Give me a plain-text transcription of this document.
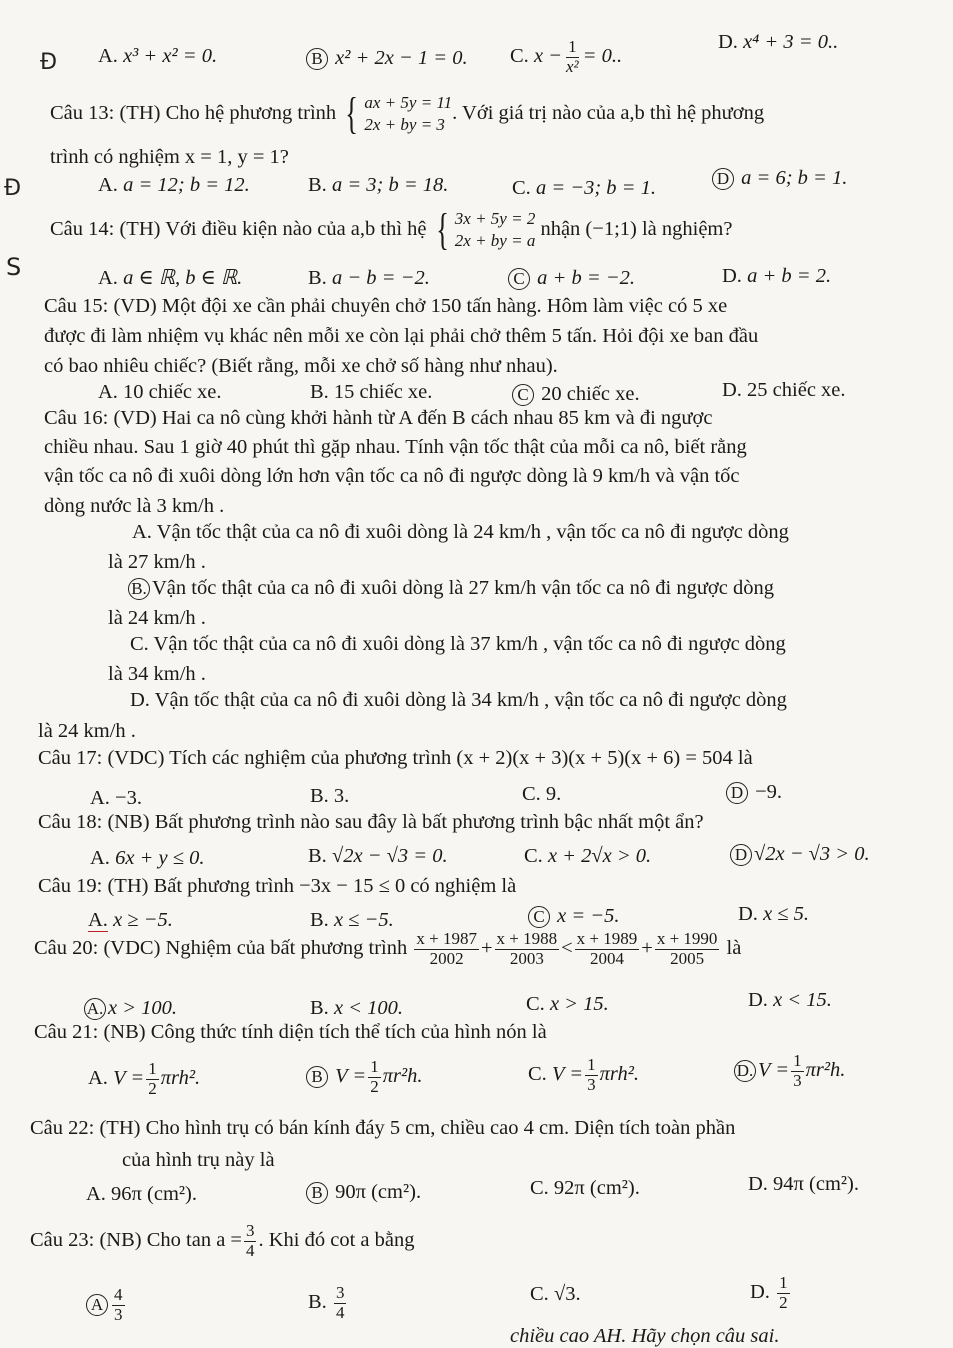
Ð
Ð
S
A. x³ + x² = 0.	B x² + 2x − 1 = 0. C. $x - \frac{1}{\text{x²}} = 0$..
D. x⁴ + 3 = 0..
Câu 13: (TH) Cho hệ phương trình { ax + 5y = 11
2x + by = 3
. Với giá trị nào của a,b thì hệ phương
trình có nghiệm x = 1, y = 1?
A. a = 12; b = 12.	B. a = 3; b = 18.	C. a = −3; b = 1.	D a = 6; b = 1.
Câu 14: (TH) Với điều kiện nào của a,b thì hệ { 3x + 5y = 2
2x + by = a
nhận (−1;1) là nghiệm?
A. a ∈ ℝ, b ∈ ℝ.	B. a − b = −2.	C a + b = −2.	D. a + b = 2.
Câu 15: (VD) Một đội xe cần phải chuyên chở 150 tấn hàng. Hôm làm việc có 5 xe
được đi làm nhiệm vụ khác nên mỗi xe còn lại phải chở thêm 5 tấn. Hỏi đội xe ban đầu
có bao nhiêu chiếc? (Biết rằng, mỗi xe chở số hàng như nhau).
A. 10 chiếc xe.	B. 15 chiếc xe.	C 20 chiếc xe.	D. 25 chiếc xe.
Câu 16: (VD) Hai ca nô cùng khởi hành từ A đến B cách nhau 85 km và đi ngược
chiều nhau. Sau 1 giờ 40 phút thì gặp nhau. Tính vận tốc thật của mỗi ca nô, biết rằng
vận tốc ca nô đi xuôi dòng lớn hơn vận tốc ca nô đi ngược dòng là 9 km/h và vận tốc
dòng nước là 3 km/h .
A. Vận tốc thật của ca nô đi xuôi dòng là 24 km/h , vận tốc ca nô đi ngược dòng
là 27 km/h .
B. Vận tốc thật của ca nô đi xuôi dòng là 27 km/h vận tốc ca nô đi ngược dòng
là 24 km/h .
C. Vận tốc thật của ca nô đi xuôi dòng là 37 km/h , vận tốc ca nô đi ngược dòng
là 34 km/h .
D. Vận tốc thật của ca nô đi xuôi dòng là 34 km/h , vận tốc ca nô đi ngược dòng
là 24 km/h .
Câu 17: (VDC) Tích các nghiệm của phương trình (x + 2)(x + 3)(x + 5)(x + 6) = 504 là
A. −3.	B. 3.	C. 9.	D −9.
Câu 18: (NB) Bất phương trình nào sau đây là bất phương trình bậc nhất một ẩn?
A. 6x + y ≤ 0.	B. √2x − √3 = 0.	C. x + 2√x > 0.	D √2x − √3 > 0.
Câu 19: (TH) Bất phương trình −3x − 15 ≤ 0 có nghiệm là
A. x ≥ −5.	B. x ≤ −5.	C x = −5.	D. x ≤ 5.
Câu 20: (VDC) Nghiệm của bất phương trình $\frac{x + 1987}{2002} + \frac{x + 1988}{2003} < \frac{x + 1989}{2004} + \frac{x + 1990}{2005}$ là
A. x > 100.	B. x < 100.	C. x > 15.	D. x < 15.
Câu 21: (NB) Công thức tính diện tích thể tích của hình nón là
A. $V = \frac{1}{2} \pi rh^2$.	B $V = \frac{1}{2} \pi r^2h$.	C. $V = \frac{1}{3} \pi rh^2$.	D. $V = \frac{1}{3} \pi r^2h$.
Câu 22: (TH) Cho hình trụ có bán kính đáy 5 cm, chiều cao 4 cm. Diện tích toàn phần
của hình trụ này là
A. 96π (cm²).	B 90π (cm²).	C. 92π (cm²).	D. 94π (cm²).
Câu 23: (NB) Cho $\tan a = \frac{3}{4}$ . Khi đó cot a bằng
A $\frac{4}{3}$	B. $\frac{3}{4}$	C. √3.	D. $\frac{1}{2}$
chiều cao AH. Hãy chọn câu sai.
